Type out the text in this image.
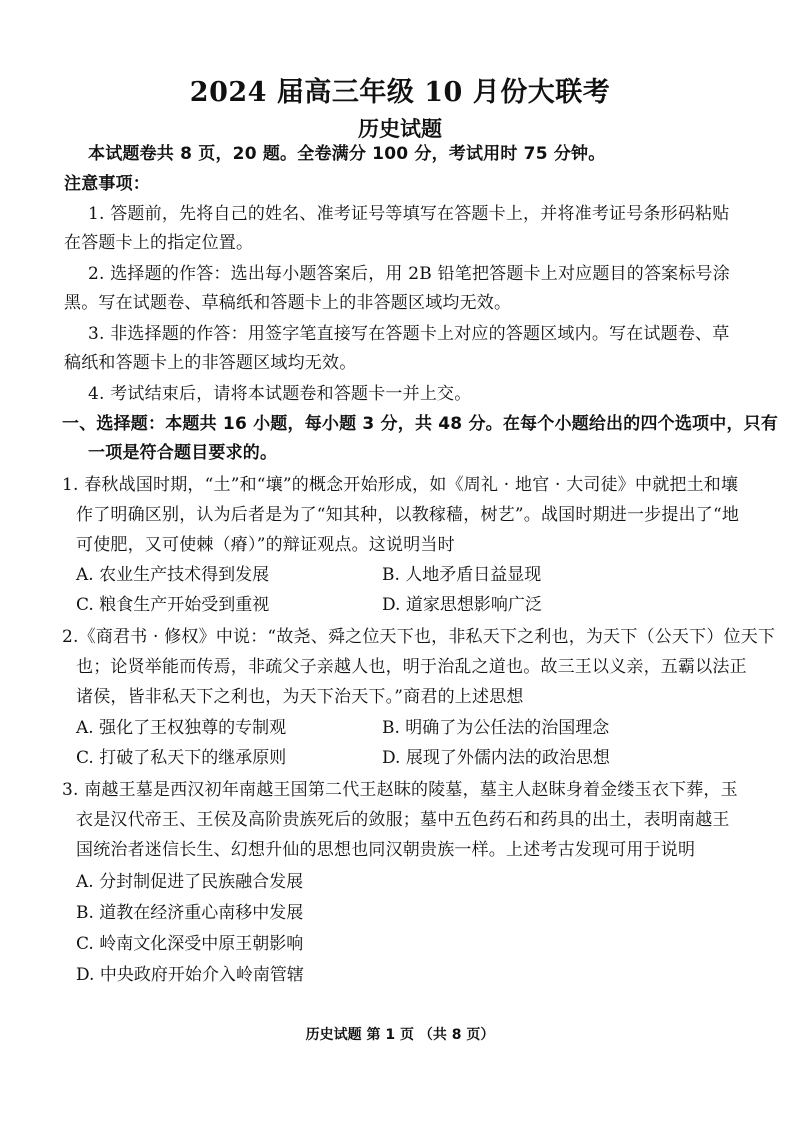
2024 届高三年级 10 月份大联考
历史试题
本试题卷共 8 页，20 题。全卷满分 100 分，考试用时 75 分钟。
注意事项：
1. 答题前，先将自己的姓名、准考证号等填写在答题卡上，并将准考证号条形码粘贴
在答题卡上的指定位置。
2. 选择题的作答：选出每小题答案后，用 2B 铅笔把答题卡上对应题目的答案标号涂
黑。写在试题卷、草稿纸和答题卡上的非答题区域均无效。
3. 非选择题的作答：用签字笔直接写在答题卡上对应的答题区域内。写在试题卷、草
稿纸和答题卡上的非答题区域均无效。
4. 考试结束后，请将本试题卷和答题卡一并上交。
一、选择题：本题共 16 小题，每小题 3 分，共 48 分。在每个小题给出的四个选项中，只有
一项是符合题目要求的。
1. 春秋战国时期，“土”和“壤”的概念开始形成，如《周礼 · 地官 · 大司徒》中就把土和壤
作了明确区别，认为后者是为了“知其种，以教稼穑，树艺”。战国时期进一步提出了“地
可使肥，又可使棘（瘠）”的辩证观点。这说明当时
A. 农业生产技术得到发展	B. 人地矛盾日益显现
C. 粮食生产开始受到重视	D. 道家思想影响广泛
2.《商君书 · 修权》中说：“故尧、舜之位天下也，非私天下之利也，为天下（公天下）位天下
也；论贤举能而传焉，非疏父子亲越人也，明于治乱之道也。故三王以义亲，五霸以法正
诸侯，皆非私天下之利也，为天下治天下。”商君的上述思想
A. 强化了王权独尊的专制观	B. 明确了为公任法的治国理念
C. 打破了私天下的继承原则	D. 展现了外儒内法的政治思想
3. 南越王墓是西汉初年南越王国第二代王赵眜的陵墓，墓主人赵眜身着金缕玉衣下葬，玉
衣是汉代帝王、王侯及高阶贵族死后的敛服；墓中五色药石和药具的出土，表明南越王
国统治者迷信长生、幻想升仙的思想也同汉朝贵族一样。上述考古发现可用于说明
A. 分封制促进了民族融合发展
B. 道教在经济重心南移中发展
C. 岭南文化深受中原王朝影响
D. 中央政府开始介入岭南管辖
历史试题 第 1 页 （共 8 页）
